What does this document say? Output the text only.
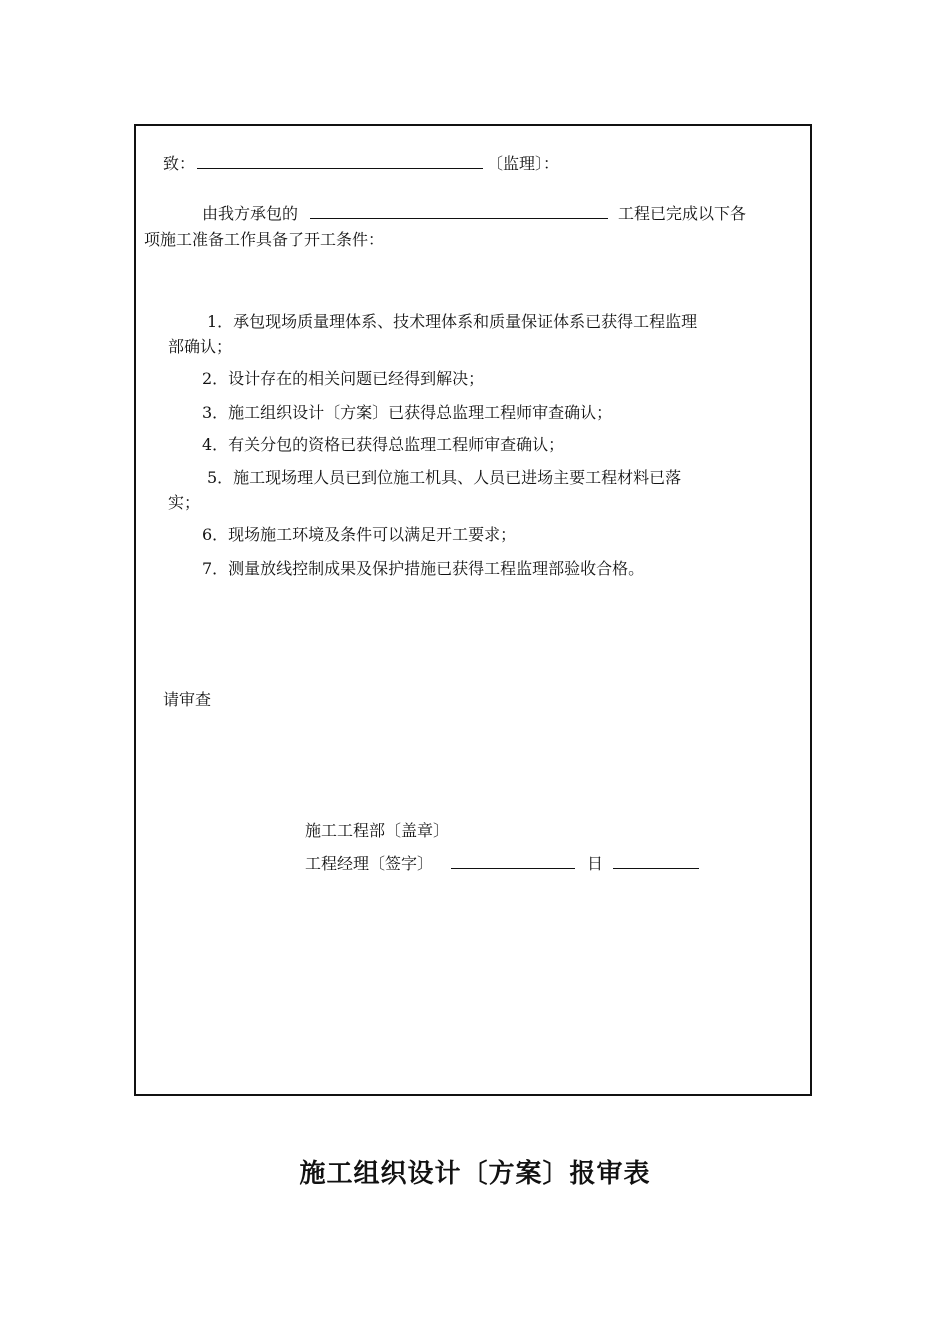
致：	〔监理〕：
由我方承包的	工程已完成以下各
项施工准备工作具备了开工条件：
1．承包现场质量理体系、技术理体系和质量保证体系已获得工程监理
部确认；
2．设计存在的相关问题已经得到解决；
3．施工组织设计〔方案〕已获得总监理工程师审查确认；
4．有关分包的资格已获得总监理工程师审查确认；
5．施工现场理人员已到位施工机具、人员已进场主要工程材料已落
实；
6．现场施工环境及条件可以满足开工要求；
7．测量放线控制成果及保护措施已获得工程监理部验收合格。
请审查
施工工程部〔盖章〕
工程经理〔签字〕	日
施工组织设计〔方案〕报审表
